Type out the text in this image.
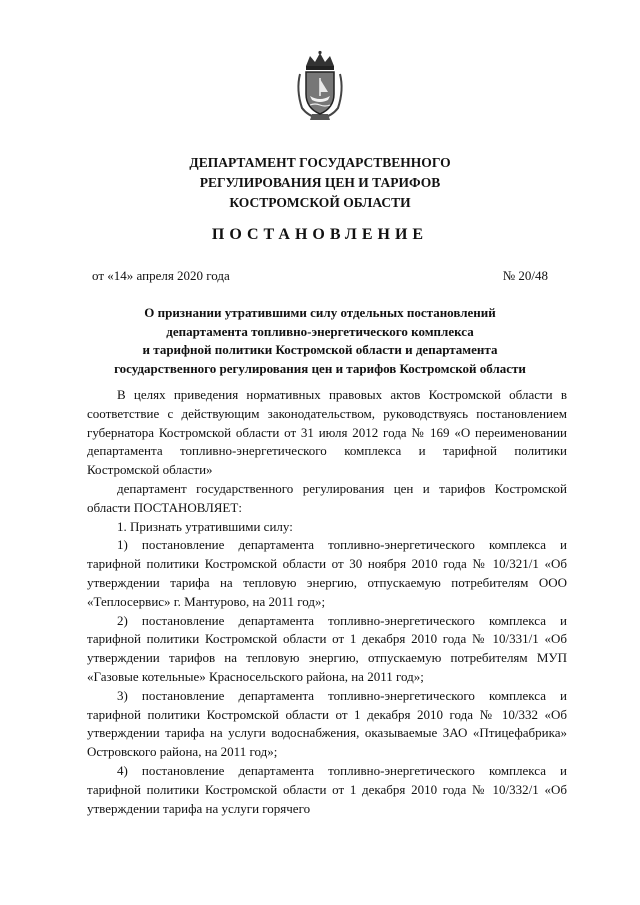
ДЕПАРТАМЕНТ ГОСУДАРСТВЕННОГО
РЕГУЛИРОВАНИЯ ЦЕН И ТАРИФОВ
КОСТРОМСКОЙ ОБЛАСТИ
ПОСТАНОВЛЕНИЕ
от «14» апреля 2020 года	№ 20/48
О признании утратившими силу отдельных постановлений
департамента топливно-энергетического комплекса
и тарифной политики Костромской области и департамента
государственного регулирования цен и тарифов Костромской области

В целях приведения нормативных правовых актов Костромской области в соответствие с действующим законодательством, руководствуясь постановлением губернатора Костромской области от 31 июля 2012 года № 169 «О переименовании департамента топливно-энергетического комплекса и тарифной политики Костромской области»

департамент государственного регулирования цен и тарифов Костромской области ПОСТАНОВЛЯЕТ:

1. Признать утратившими силу:

1) постановление департамента топливно-энергетического комплекса и тарифной политики Костромской области от 30 ноября 2010 года № 10/321/1 «Об утверждении тарифа на тепловую энергию, отпускаемую потребителям ООО «Теплосервис» г. Мантурово, на 2011 год»;

2) постановление департамента топливно-энергетического комплекса и тарифной политики Костромской области от 1 декабря 2010 года № 10/331/1 «Об утверждении тарифов на тепловую энергию, отпускаемую потребителям МУП «Газовые котельные» Красносельского района, на 2011 год»;

3) постановление департамента топливно-энергетического комплекса и тарифной политики Костромской области от 1 декабря 2010 года № 10/332 «Об утверждении тарифа на услуги водоснабжения, оказываемые ЗАО «Птицефабрика» Островского района, на 2011 год»;

4) постановление департамента топливно-энергетического комплекса и тарифной политики Костромской области от 1 декабря 2010 года № 10/332/1 «Об утверждении тарифа на услуги горячего
